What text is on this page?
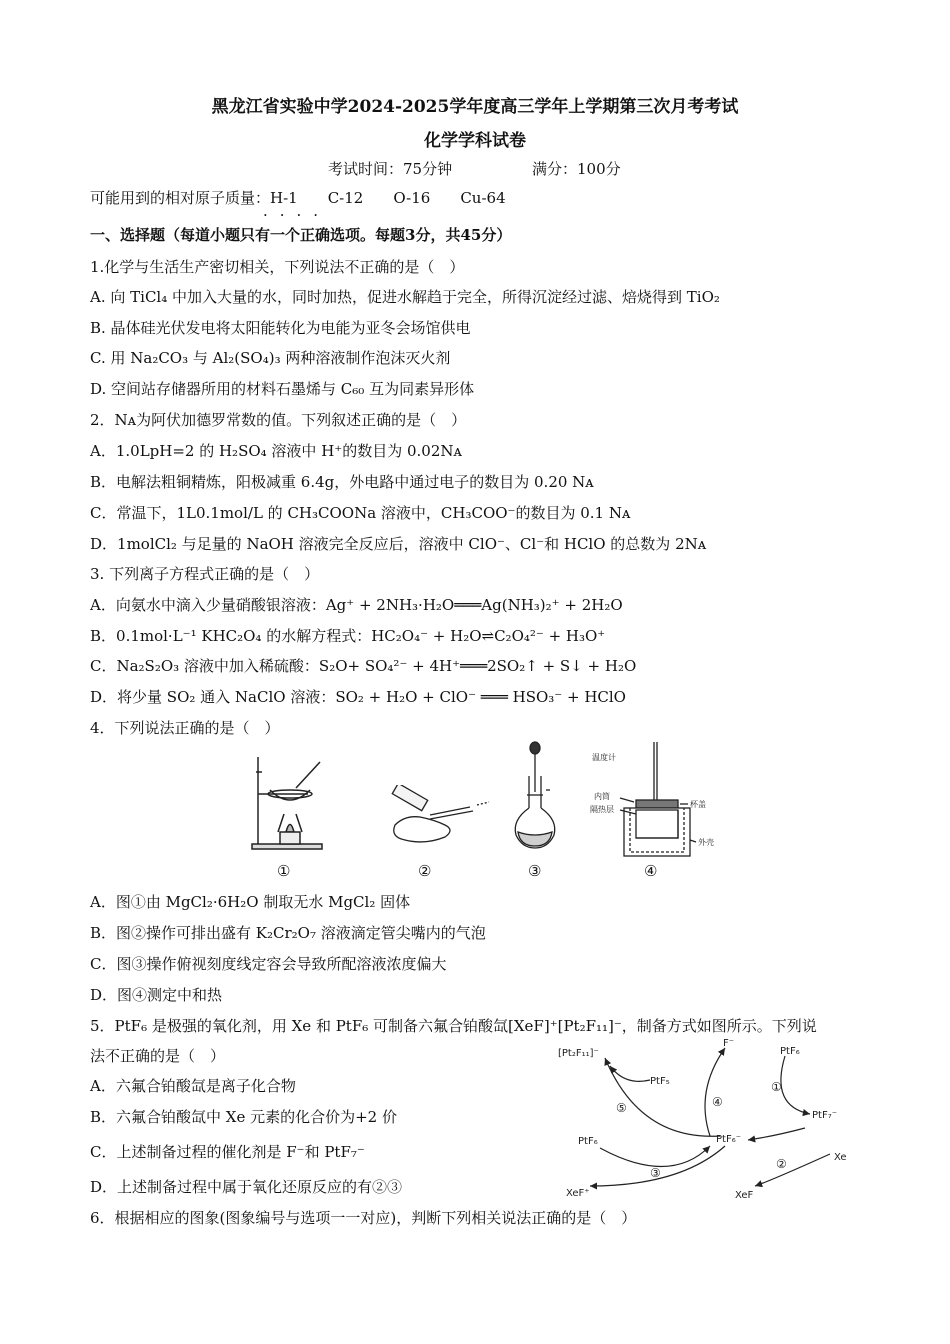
黑龙江省实验中学2024-2025学年度高三学年上学期第三次月考考试
化学学科试卷
考试时间：75分钟	满分：100分
可能用到的相对原子质量：H-1　　C-12　　O-16　　Cu-64
一、选择题（每道小题只有一个正确选项。每题3分，共45分）
····
1.化学与生活生产密切相关，下列说法不正确的是（　）
A. 向 TiCl₄ 中加入大量的水，同时加热，促进水解趋于完全，所得沉淀经过滤、焙烧得到 TiO₂
B. 晶体硅光伏发电将太阳能转化为电能为亚冬会场馆供电
C. 用 Na₂CO₃ 与 Al₂(SO₄)₃ 两种溶液制作泡沫灭火剂
D. 空间站存储器所用的材料石墨烯与 C₆₀ 互为同素异形体
2．Nᴀ为阿伏加德罗常数的值。下列叙述正确的是（　）
A．1.0LpH=2 的 H₂SO₄ 溶液中 H⁺的数目为 0.02Nᴀ
B．电解法粗铜精炼，阳极减重 6.4g，外电路中通过电子的数目为 0.20 Nᴀ
C．常温下，1L0.1mol/L 的 CH₃COONa 溶液中，CH₃COO⁻的数目为 0.1 Nᴀ
D．1molCl₂ 与足量的 NaOH 溶液完全反应后，溶液中 ClO⁻、Cl⁻和 HClO 的总数为 2Nᴀ
3. 下列离子方程式正确的是（　）
A．向氨水中滴入少量硝酸银溶液：Ag⁺ + 2NH₃·H₂O═══Ag(NH₃)₂⁺ + 2H₂O
B．0.1mol·L⁻¹ KHC₂O₄ 的水解方程式：HC₂O₄⁻ + H₂O⇌C₂O₄²⁻ + H₃O⁺
C．Na₂S₂O₃ 溶液中加入稀硫酸：S₂O+ SO₄²⁻ + 4H⁺═══2SO₂↑ + S↓ + H₂O
D．将少量 SO₂ 通入 NaClO 溶液：SO₂ + H₂O + ClO⁻ ═══ HSO₃⁻ + HClO
4．下列说法正确的是（　）
温度计
内筒
隔热层
杯盖
外壳
①	②	③	④
A．图①由 MgCl₂·6H₂O 制取无水 MgCl₂ 固体
B．图②操作可排出盛有 K₂Cr₂O₇ 溶液滴定管尖嘴内的气泡
C．图③操作俯视刻度线定容会导致所配溶液浓度偏大
D．图④测定中和热
5．PtF₆ 是极强的氧化剂，用 Xe 和 PtF₆ 可制备六氟合铂酸氙[XeF]⁺[Pt₂F₁₁]⁻，制备方式如图所示。下列说
法不正确的是（　）
A．六氟合铂酸氙是离子化合物
B．六氟合铂酸氙中 Xe 元素的化合价为+2 价
C．上述制备过程的催化剂是 F⁻和 PtF₇⁻
D．上述制备过程中属于氧化还原反应的有②③
[Pt₂F₁₁]⁻
PtF₅
F⁻
PtF₆
PtF₇⁻
PtF₆⁻
PtF₆
Xe
XeF⁺	XeF
①
②
③
④
⑤
6．根据相应的图象(图象编号与选项一一对应)，判断下列相关说法正确的是（　）
